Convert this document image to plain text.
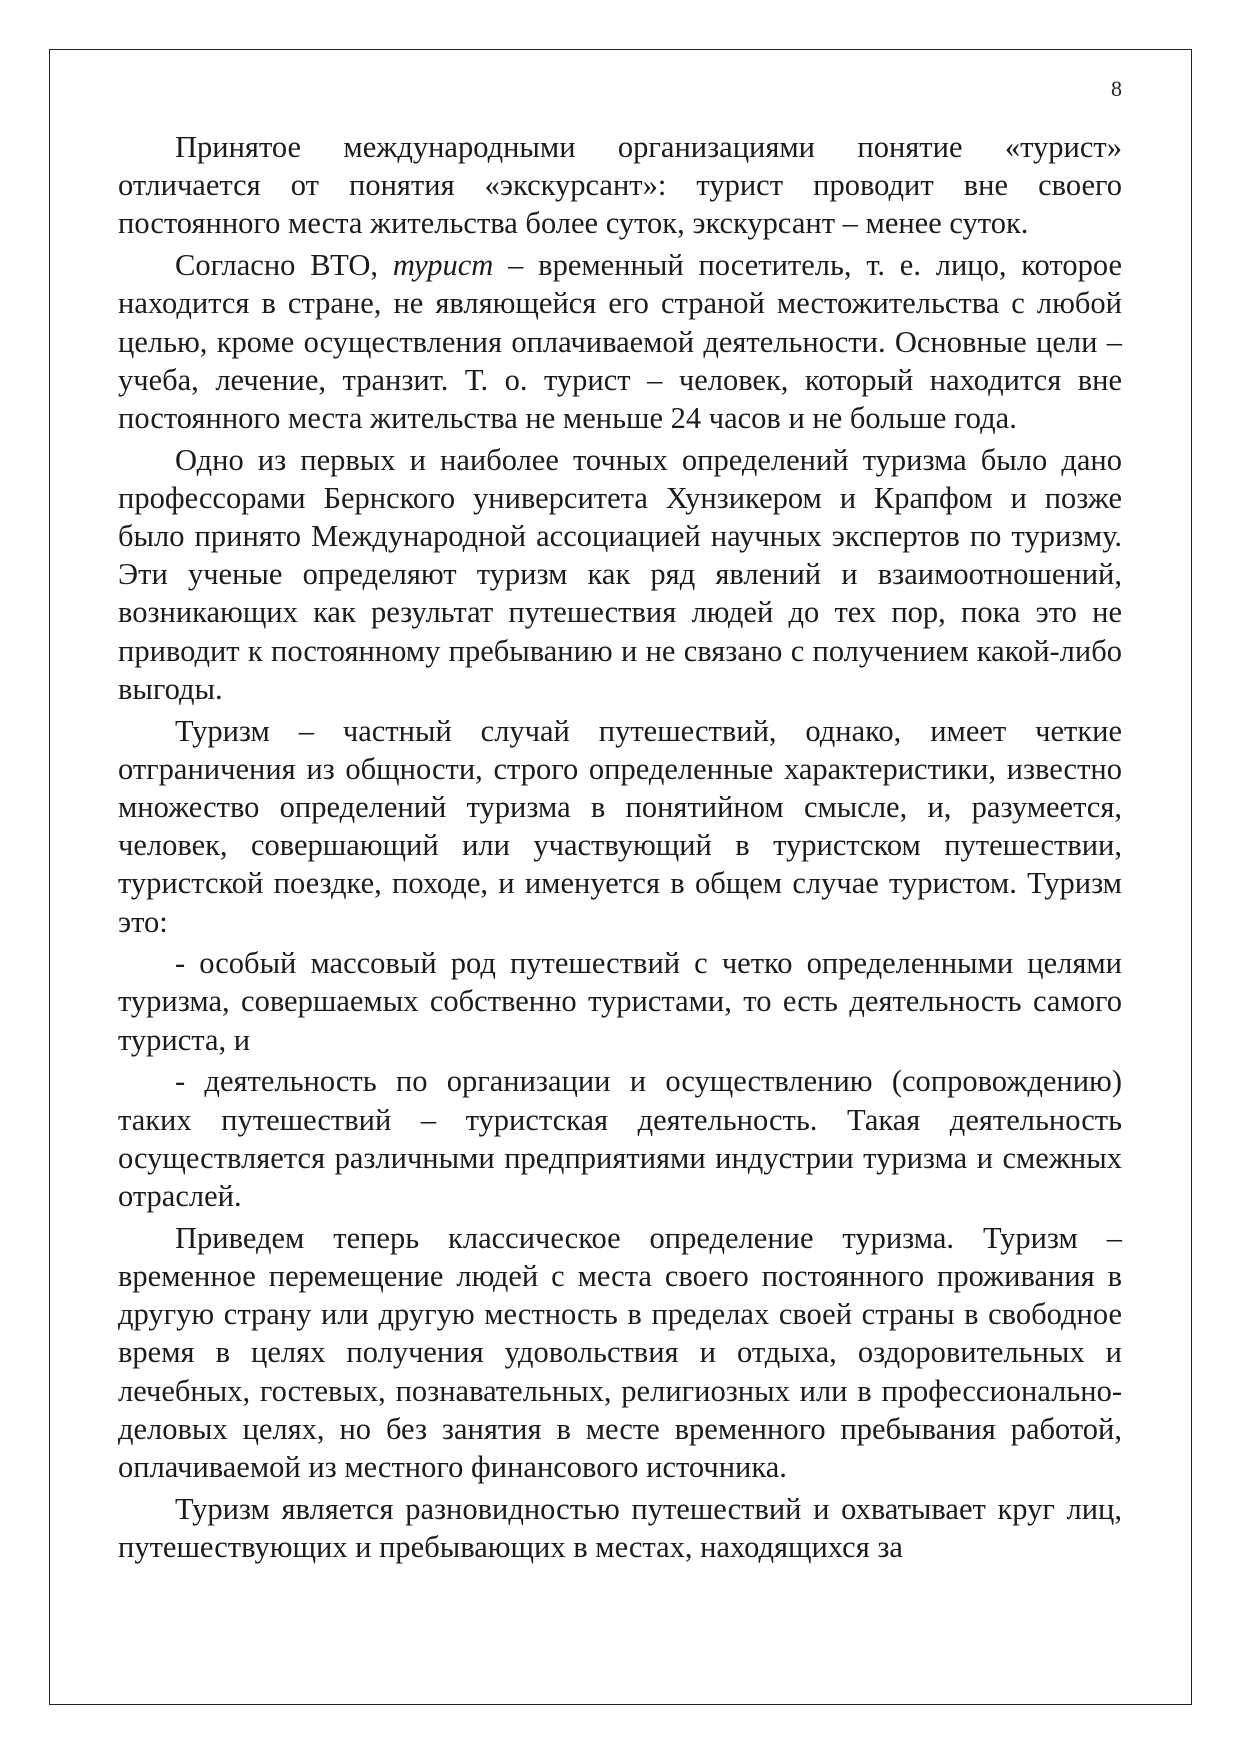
8

Принятое международными организациями понятие «турист» отличается от понятия «экскурсант»: турист проводит вне своего постоянного места жительства более суток, экскурсант – менее суток.

Согласно ВТО, турист – временный посетитель, т. е. лицо, которое находится в стране, не являющейся его страной местожительства с любой целью, кроме осуществления оплачиваемой деятельности. Основные цели – учеба, лечение, транзит. Т. о. турист – человек, который находится вне постоянного места жительства не меньше 24 часов и не больше года.

Одно из первых и наиболее точных определений туризма было дано профессорами Бернского университета Хунзикером и Крапфом и позже было принято Международной ассоциацией научных экспертов по туризму. Эти ученые определяют туризм как ряд явлений и взаимоотношений, возникающих как результат путешествия людей до тех пор, пока это не приводит к постоянному пребыванию и не связано с получением какой-либо выгоды.

Туризм – частный случай путешествий, однако, имеет четкие отграничения из общности, строго определенные характеристики, известно множество определений туризма в понятийном смысле, и, разумеется, человек, совершающий или участвующий в туристском путешествии, туристской поездке, походе, и именуется в общем случае туристом. Туризм это:

- особый массовый род путешествий с четко определенными целями туризма, совершаемых собственно туристами, то есть деятельность самого туриста, и

- деятельность по организации и осуществлению (сопровождению) таких путешествий – туристская деятельность. Такая деятельность осуществляется различными предприятиями индустрии туризма и смежных отраслей.

Приведем теперь классическое определение туризма. Туризм – временное перемещение людей с места своего постоянного проживания в другую страну или другую местность в пределах своей страны в свободное время в целях получения удовольствия и отдыха, оздоровительных и лечебных, гостевых, познавательных, религиозных или в профессионально-деловых целях, но без занятия в месте временного пребывания работой, оплачиваемой из местного финансового источника.

Туризм является разновидностью путешествий и охватывает круг лиц, путешествующих и пребывающих в местах, находящихся за
